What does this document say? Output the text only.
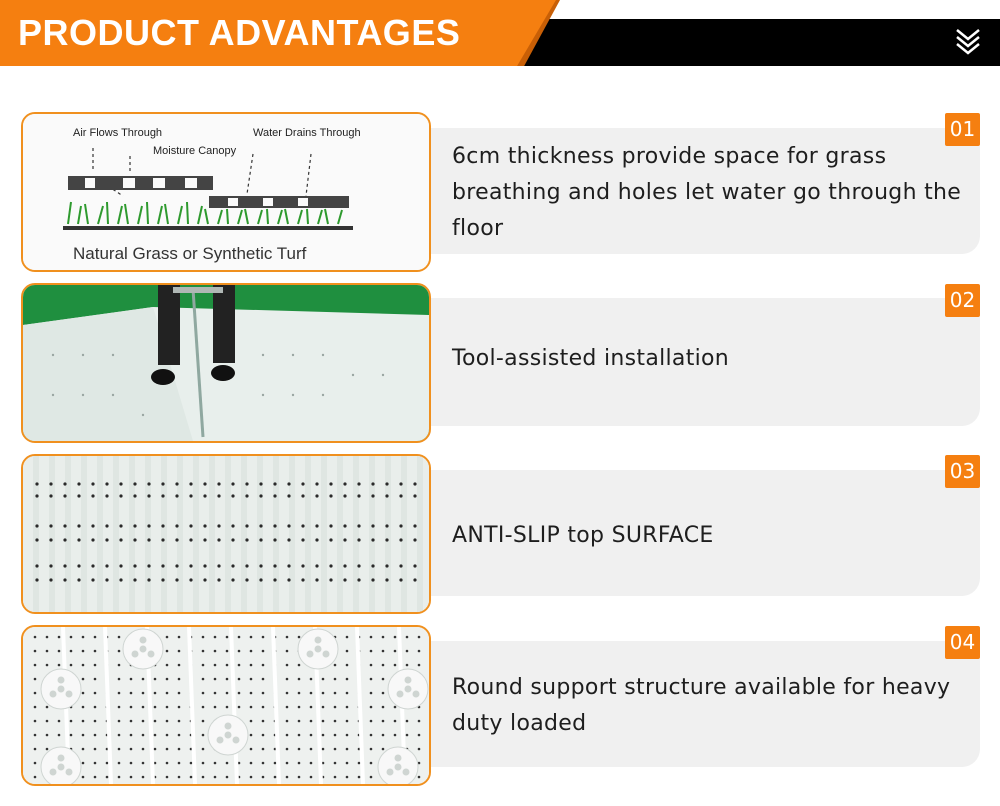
PRODUCT ADVANTAGES
6cm thickness provide space for grass breathing and holes let water go through the floor
01
Air Flows Through
Moisture Canopy
Water Drains Through
Natural Grass or Synthetic Turf
Tool-assisted installation
02
ANTI-SLIP top SURFACE
03
Round support structure available for heavy duty loaded
04
